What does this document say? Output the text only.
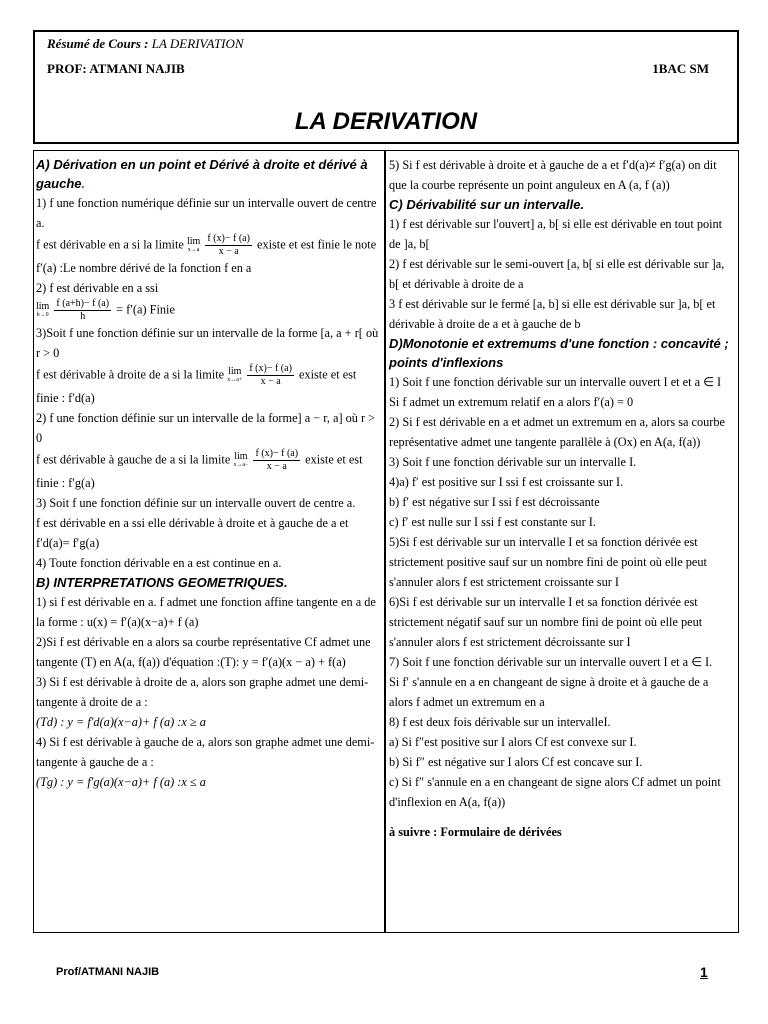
Résumé de Cours : LA DERIVATION
PROF: ATMANI NAJIB	1BAC SM
LA DERIVATION

A) Dérivation en un point et Dérivé à droite et dérivé à gauche.

1) f une fonction numérique définie sur un intervalle ouvert de centre a.

f est dérivable en a si la limite lim
x→a
$\frac{f (x)- f (a)}{x - a}$ existe et est finie le note f′(a) :Le nombre dérivé de la fonction f en a

2) f est dérivable en a ssi

lim
h→0
$\frac{f (a+h)- f (a)}{h} = f'(a)$ Finie

3)Soit f une fonction définie sur un intervalle de la forme [a, a + r[ où r > 0

f est dérivable à droite de a si la limite lim
x→a+
$\frac{f (x)- f (a)}{x - a}$ existe et est finie : f′d(a)

2) f une fonction définie sur un intervalle de la forme] a − r, a] où r > 0

f est dérivable à gauche de a si la limite lim
x→a−
$\frac{f (x)- f (a)}{x - a}$ existe et est finie : f′g(a)

3) Soit f une fonction définie sur un intervalle ouvert de centre a.

f est dérivable en a ssi elle dérivable à droite et à gauche de a et f′d(a)= f′g(a)

4) Toute fonction dérivable en a est continue en a.

B) INTERPRETATIONS GEOMETRIQUES.

1) si f est dérivable en a. f admet une fonction affine tangente en a de la forme : u(x) = f′(a)(x−a)+ f (a)

2)Si f est dérivable en a alors sa courbe représentative Cf admet une tangente (T) en A(a, f(a)) d'équation :(T): y = f′(a)(x − a) + f(a)

3) Si f est dérivable à droite de a, alors son graphe admet une demi-tangente à droite de a :

(Td) : y = f′d(a)(x−a)+ f (a) :x ≥ a

4) Si f est dérivable à gauche de a, alors son graphe admet une demi-tangente à gauche de a :

(Tg) : y = f′g(a)(x−a)+ f (a) :x ≤ a

5) Si f est dérivable à droite et à gauche de a et f′d(a)≠ f′g(a) on dit que la courbe représente un point anguleux en A (a, f (a))

C) Dérivabilité sur un intervalle.

1) f est dérivable sur l'ouvert] a, b[ si elle est dérivable en tout point de ]a, b[

2) f est dérivable sur le semi-ouvert [a, b[ si elle est dérivable sur ]a, b[ et dérivable à droite de a

3 f est dérivable sur le fermé [a, b] si elle est dérivable sur ]a, b[ et dérivable à droite de a et à gauche de b

D)Monotonie et extremums d'une fonction : concavité ; points d'inflexions

1) Soit f une fonction dérivable sur un intervalle ouvert I et et a ∈ I

Si f admet un extremum relatif en a alors f′(a) = 0

2) Si f est dérivable en a et admet un extremum en a, alors sa courbe représentative admet une tangente parallèle à (Ox) en A(a, f(a))

3) Soit f une fonction dérivable sur un intervalle I.

4)a) f′ est positive sur I ssi f est croissante sur I.

b) f′ est négative sur I ssi f est décroissante

c) f′ est nulle sur I ssi f est constante sur I.

5)Si f est dérivable sur un intervalle I et sa fonction dérivée est strictement positive sauf sur un nombre fini de point où elle peut s'annuler alors f est strictement croissante sur I

6)Si f est dérivable sur un intervalle I et sa fonction dérivée est strictement négatif sauf sur un nombre fini de point où elle peut s'annuler alors f est strictement décroissante sur I

7) Soit f une fonction dérivable sur un intervalle ouvert I et a ∈ I.

Si f′ s'annule en a en changeant de signe à droite et à gauche de a alors f admet un extremum en a

8) f est deux fois dérivable sur un intervalleI.

a) Si f″est positive sur I alors Cf est convexe sur I.

b) Si f″ est négative sur I alors Cf est concave sur I.

c) Si f″ s'annule en a en changeant de signe alors Cf admet un point d'inflexion en A(a, f(a))

à suivre : Formulaire de dérivées

Prof/ATMANI NAJIB	1
